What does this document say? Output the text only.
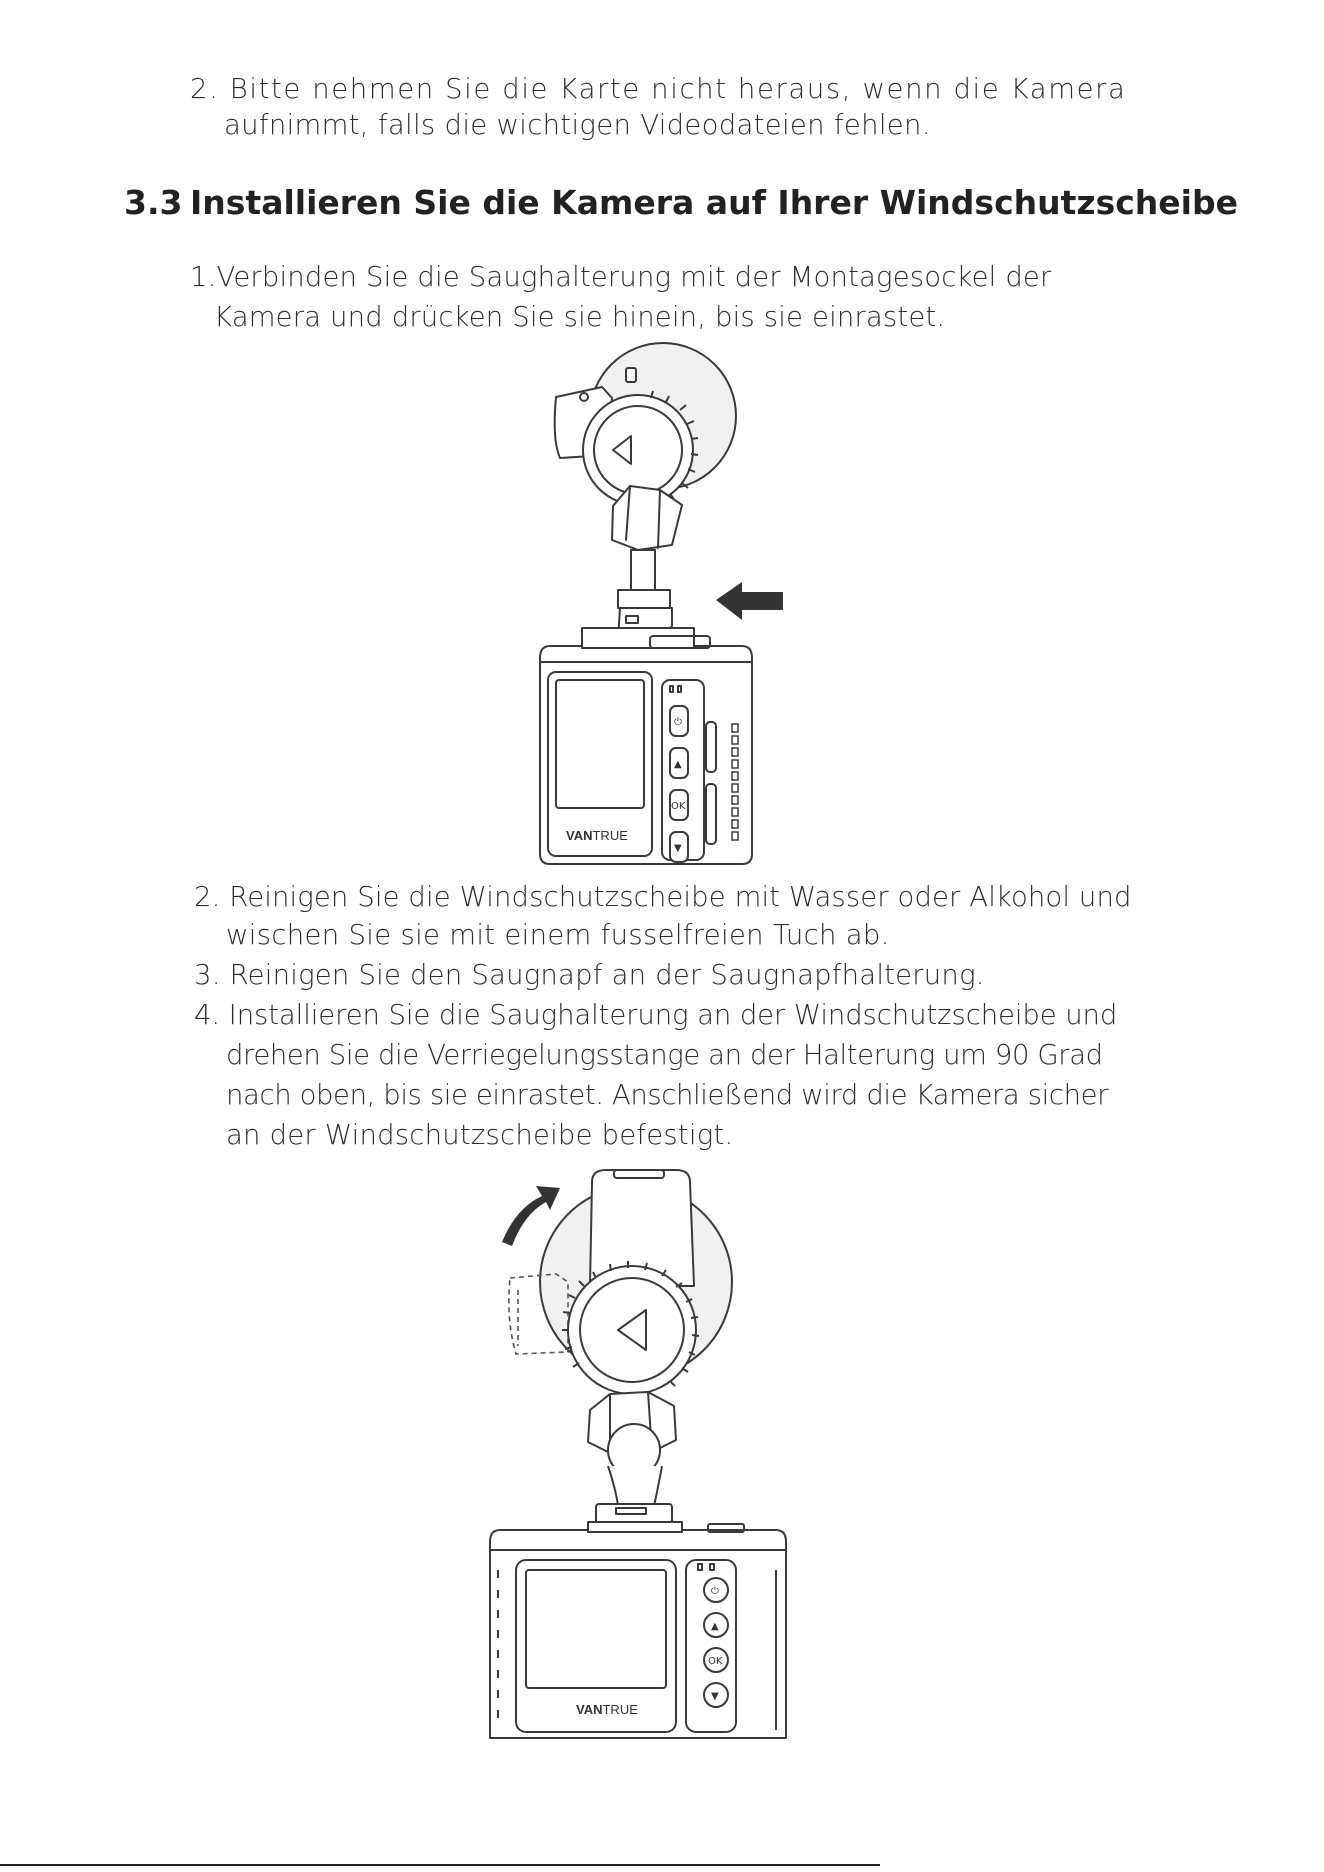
2. Bitte nehmen Sie die Karte nicht heraus, wenn die Kamera
aufnimmt, falls die wichtigen Videodateien fehlen.
3.3 Installieren Sie die Kamera auf Ihrer Windschutzscheibe
1.Verbinden Sie die Saughalterung mit der Montagesockel der
Kamera und drücken Sie sie hinein, bis sie einrastet.
VANTRUE
⏻
▲
OK
▼
2. Reinigen Sie die Windschutzscheibe mit Wasser oder Alkohol und
wischen Sie sie mit einem fusselfreien Tuch ab.
3. Reinigen Sie den Saugnapf an der Saugnapfhalterung.
4. Installieren Sie die Saughalterung an der Windschutzscheibe und
drehen Sie die Verriegelungsstange an der Halterung um 90 Grad
nach oben, bis sie einrastet. Anschließend wird die Kamera sicher
an der Windschutzscheibe befestigt.
VANTRUE
⏻
▲
OK
▼
